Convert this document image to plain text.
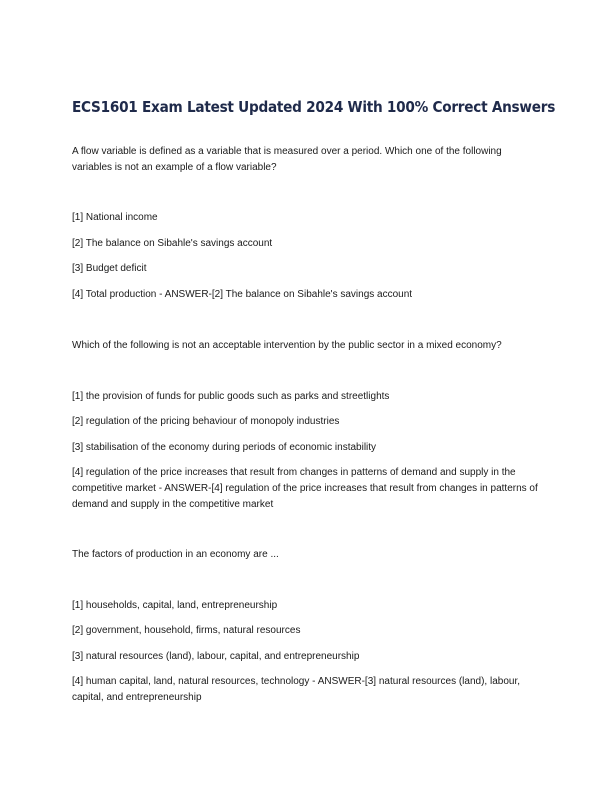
ECS1601 Exam Latest Updated 2024 With 100% Correct Answers
A flow variable is defined as a variable that is measured over a period. Which one of the following variables is not an example of a flow variable?
[1] National income
[2] The balance on Sibahle's savings account
[3] Budget deficit
[4] Total production - ANSWER-[2] The balance on Sibahle's savings account
Which of the following is not an acceptable intervention by the public sector in a mixed economy?
[1] the provision of funds for public goods such as parks and streetlights
[2] regulation of the pricing behaviour of monopoly industries
[3] stabilisation of the economy during periods of economic instability
[4] regulation of the price increases that result from changes in patterns of demand and supply in the competitive market - ANSWER-[4] regulation of the price increases that result from changes in patterns of demand and supply in the competitive market
The factors of production in an economy are ...
[1] households, capital, land, entrepreneurship
[2] government, household, firms, natural resources
[3] natural resources (land), labour, capital, and entrepreneurship
[4] human capital, land, natural resources, technology - ANSWER-[3] natural resources (land), labour, capital, and entrepreneurship
